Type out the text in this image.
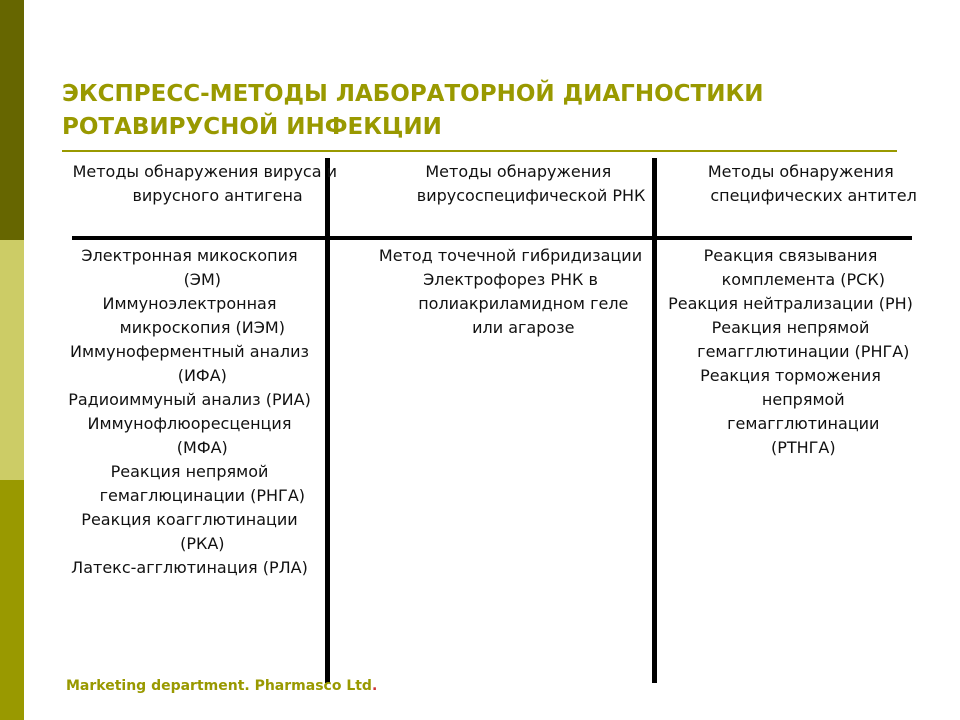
ЭКСПРЕСС-МЕТОДЫ ЛАБОРАТОРНОЙ ДИАГНОСТИКИ РОТАВИРУСНОЙ ИНФЕКЦИИ
Методы обнаружения вируса и вирусного антигена
Методы обнаружения вирусоспецифической РНК
Методы обнаружения специфических антител
Электронная микоскопия (ЭМ)
Иммуноэлектронная микроскопия (ИЭМ)
Иммуноферментный анализ (ИФА)
Радиоиммуный анализ (РИА)
Иммунофлюоресценция (МФА)
Реакция непрямой гемаглюцинации (РНГА)
Реакция коагглютинации (РКА)
Латекс-агглютинация (РЛА)
Метод точечной гибридизации
Электрофорез РНК в полиакриламидном геле или агарозе
Реакция связывания комплемента (РСК)
Реакция нейтрализации (РН)
Реакция непрямой гемагглютинации (РНГА)
Реакция торможения непрямой гемагглютинации (РТНГА)

Marketing department. Pharmasco Ltd.
